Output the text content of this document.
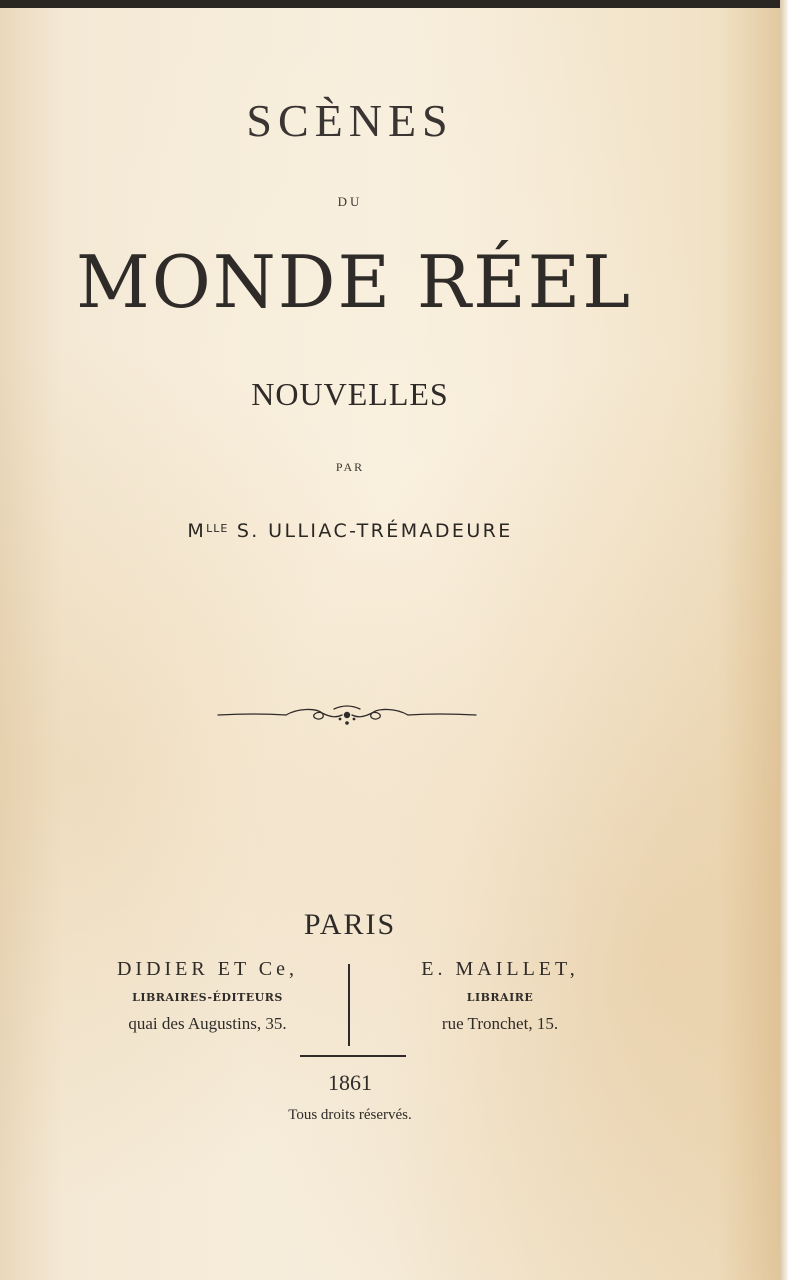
SCÈNES
DU
MONDE RÉEL
NOUVELLES
PAR
$M^{LLE}$ S. ULLIAC-TRÉMADEURE
PARIS
DIDIER ET Ce,
LIBRAIRES-ÉDITEURS
quai des Augustins, 35.
E. MAILLET,
LIBRAIRE
rue Tronchet, 15.
1861
Tous droits réservés.
